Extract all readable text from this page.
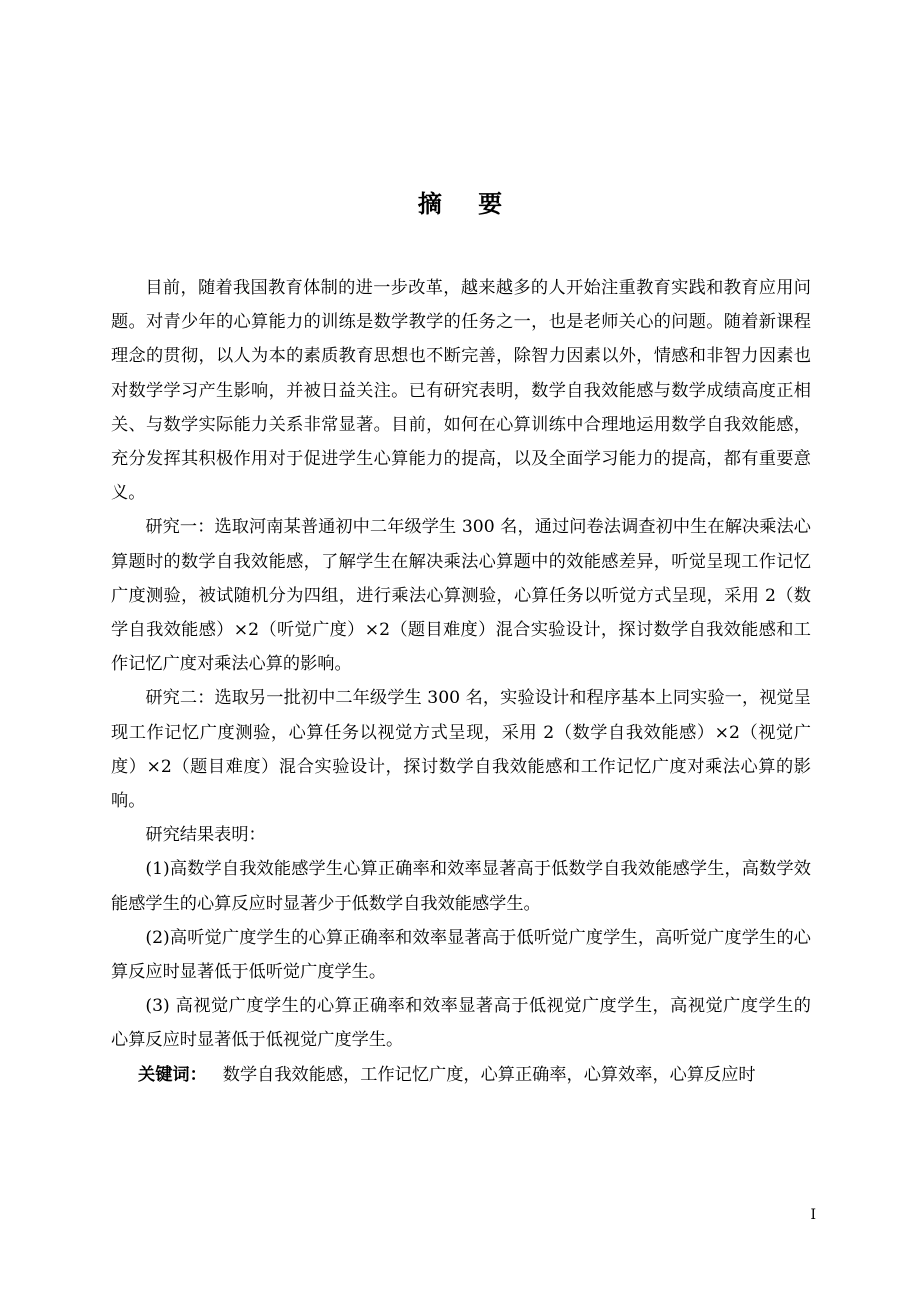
摘 要

目前，随着我国教育体制的进一步改革，越来越多的人开始注重教育实践和教育应用问题。对青少年的心算能力的训练是数学教学的任务之一，也是老师关心的问题。随着新课程理念的贯彻，以人为本的素质教育思想也不断完善，除智力因素以外，情感和非智力因素也对数学学习产生影响，并被日益关注。已有研究表明，数学自我效能感与数学成绩高度正相关、与数学实际能力关系非常显著。目前，如何在心算训练中合理地运用数学自我效能感，充分发挥其积极作用对于促进学生心算能力的提高，以及全面学习能力的提高，都有重要意义。

研究一：选取河南某普通初中二年级学生 300 名，通过问卷法调查初中生在解决乘法心算题时的数学自我效能感，了解学生在解决乘法心算题中的效能感差异，听觉呈现工作记忆广度测验，被试随机分为四组，进行乘法心算测验，心算任务以听觉方式呈现，采用 2（数学自我效能感）×2（听觉广度）×2（题目难度）混合实验设计，探讨数学自我效能感和工作记忆广度对乘法心算的影响。

研究二：选取另一批初中二年级学生 300 名，实验设计和程序基本上同实验一，视觉呈现工作记忆广度测验，心算任务以视觉方式呈现，采用 2（数学自我效能感）×2（视觉广度）×2（题目难度）混合实验设计，探讨数学自我效能感和工作记忆广度对乘法心算的影响。

研究结果表明：

(1)高数学自我效能感学生心算正确率和效率显著高于低数学自我效能感学生，高数学效能感学生的心算反应时显著少于低数学自我效能感学生。

(2)高听觉广度学生的心算正确率和效率显著高于低听觉广度学生，高听觉广度学生的心算反应时显著低于低听觉广度学生。

(3) 高视觉广度学生的心算正确率和效率显著高于低视觉广度学生，高视觉广度学生的心算反应时显著低于低视觉广度学生。

关键词： 数学自我效能感，工作记忆广度，心算正确率，心算效率，心算反应时

I
